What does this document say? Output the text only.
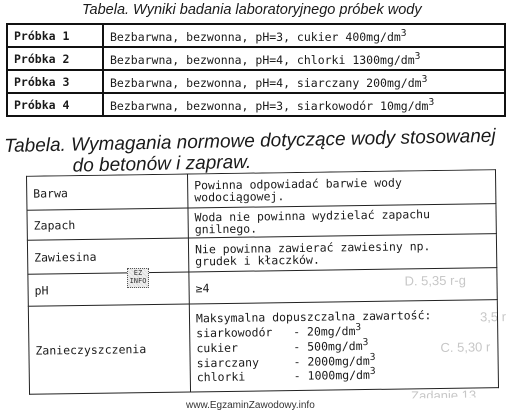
Tabela. Wyniki badania laboratoryjnego próbek wody
Próbka 1	Bezbarwna, bezwonna, pH=3, cukier $400mg/dm^3$
Próbka 2	Bezbarwna, bezwonna, pH=4, chlorki $1300mg/dm^3$
Próbka 3	Bezbarwna, bezwonna, pH=4, siarczany $200mg/dm^3$
Próbka 4	Bezbarwna, bezwonna, pH=3, siarkowodór $10mg/dm^3$
Tabela. Wymagania normowe dotyczące wody stosowanej
do betonów i zapraw.
D. 5,35 r-g
3,5 r
C. 5,30 r
Zadanie 13.
Barwa	Powinna odpowiadać barwie wody
wodociągowej.

Zapach	Woda nie powinna wydzielać zapachu
gnilnego.

Zawiesina	Nie powinna zawierać zawiesiny np.
grudek i kłaczków.

pH	≥4
Zanieczyszczenia	Maksymalna dopuszczalna zawartość:
siarkowodór   - $20mg/dm^3$
cukier        - $500mg/dm^3$
siarczany     - $2000mg/dm^3$
chlorki       - $1000mg/dm^3$
EZ
INFO
www.EgzaminZawodowy.info
